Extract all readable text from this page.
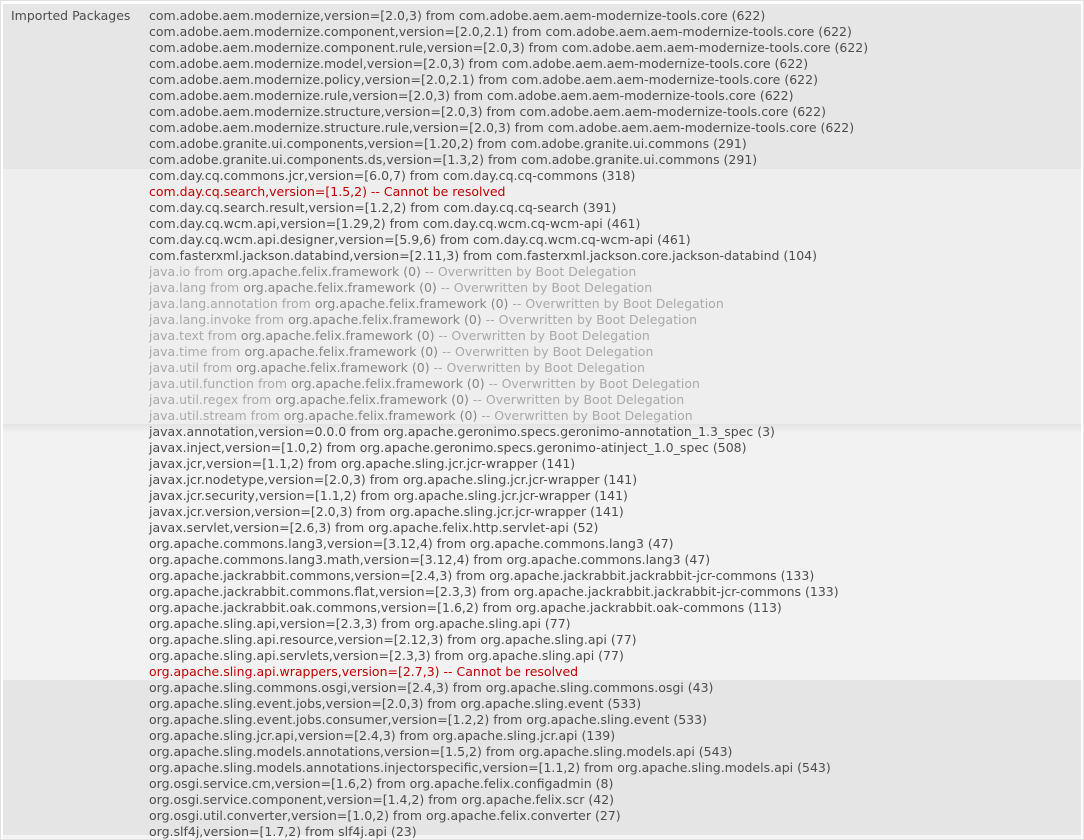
Imported Packages com.adobe.aem.modernize,version=[2.0,3) from com.adobe.aem.aem-modernize-tools.core (622)
com.adobe.aem.modernize.component,version=[2.0,2.1) from com.adobe.aem.aem-modernize-tools.core (622)
com.adobe.aem.modernize.component.rule,version=[2.0,3) from com.adobe.aem.aem-modernize-tools.core (622)
com.adobe.aem.modernize.model,version=[2.0,3) from com.adobe.aem.aem-modernize-tools.core (622)
com.adobe.aem.modernize.policy,version=[2.0,2.1) from com.adobe.aem.aem-modernize-tools.core (622)
com.adobe.aem.modernize.rule,version=[2.0,3) from com.adobe.aem.aem-modernize-tools.core (622)
com.adobe.aem.modernize.structure,version=[2.0,3) from com.adobe.aem.aem-modernize-tools.core (622)
com.adobe.aem.modernize.structure.rule,version=[2.0,3) from com.adobe.aem.aem-modernize-tools.core (622)
com.adobe.granite.ui.components,version=[1.20,2) from com.adobe.granite.ui.commons (291)
com.adobe.granite.ui.components.ds,version=[1.3,2) from com.adobe.granite.ui.commons (291)
com.day.cq.commons.jcr,version=[6.0,7) from com.day.cq.cq-commons (318)
com.day.cq.search,version=[1.5,2) -- Cannot be resolved
com.day.cq.search.result,version=[1.2,2) from com.day.cq.cq-search (391)
com.day.cq.wcm.api,version=[1.29,2) from com.day.cq.wcm.cq-wcm-api (461)
com.day.cq.wcm.api.designer,version=[5.9,6) from com.day.cq.wcm.cq-wcm-api (461)
com.fasterxml.jackson.databind,version=[2.11,3) from com.fasterxml.jackson.core.jackson-databind (104)
java.io from org.apache.felix.framework (0) -- Overwritten by Boot Delegation
java.lang from org.apache.felix.framework (0) -- Overwritten by Boot Delegation
java.lang.annotation from org.apache.felix.framework (0) -- Overwritten by Boot Delegation
java.lang.invoke from org.apache.felix.framework (0) -- Overwritten by Boot Delegation
java.text from org.apache.felix.framework (0) -- Overwritten by Boot Delegation
java.time from org.apache.felix.framework (0) -- Overwritten by Boot Delegation
java.util from org.apache.felix.framework (0) -- Overwritten by Boot Delegation
java.util.function from org.apache.felix.framework (0) -- Overwritten by Boot Delegation
java.util.regex from org.apache.felix.framework (0) -- Overwritten by Boot Delegation
java.util.stream from org.apache.felix.framework (0) -- Overwritten by Boot Delegation
javax.annotation,version=0.0.0 from org.apache.geronimo.specs.geronimo-annotation_1.3_spec (3)
javax.inject,version=[1.0,2) from org.apache.geronimo.specs.geronimo-atinject_1.0_spec (508)
javax.jcr,version=[1.1,2) from org.apache.sling.jcr.jcr-wrapper (141)
javax.jcr.nodetype,version=[2.0,3) from org.apache.sling.jcr.jcr-wrapper (141)
javax.jcr.security,version=[1.1,2) from org.apache.sling.jcr.jcr-wrapper (141)
javax.jcr.version,version=[2.0,3) from org.apache.sling.jcr.jcr-wrapper (141)
javax.servlet,version=[2.6,3) from org.apache.felix.http.servlet-api (52)
org.apache.commons.lang3,version=[3.12,4) from org.apache.commons.lang3 (47)
org.apache.commons.lang3.math,version=[3.12,4) from org.apache.commons.lang3 (47)
org.apache.jackrabbit.commons,version=[2.4,3) from org.apache.jackrabbit.jackrabbit-jcr-commons (133)
org.apache.jackrabbit.commons.flat,version=[2.3,3) from org.apache.jackrabbit.jackrabbit-jcr-commons (133)
org.apache.jackrabbit.oak.commons,version=[1.6,2) from org.apache.jackrabbit.oak-commons (113)
org.apache.sling.api,version=[2.3,3) from org.apache.sling.api (77)
org.apache.sling.api.resource,version=[2.12,3) from org.apache.sling.api (77)
org.apache.sling.api.servlets,version=[2.3,3) from org.apache.sling.api (77)
org.apache.sling.api.wrappers,version=[2.7,3) -- Cannot be resolved
org.apache.sling.commons.osgi,version=[2.4,3) from org.apache.sling.commons.osgi (43)
org.apache.sling.event.jobs,version=[2.0,3) from org.apache.sling.event (533)
org.apache.sling.event.jobs.consumer,version=[1.2,2) from org.apache.sling.event (533)
org.apache.sling.jcr.api,version=[2.4,3) from org.apache.sling.jcr.api (139)
org.apache.sling.models.annotations,version=[1.5,2) from org.apache.sling.models.api (543)
org.apache.sling.models.annotations.injectorspecific,version=[1.1,2) from org.apache.sling.models.api (543)
org.osgi.service.cm,version=[1.6,2) from org.apache.felix.configadmin (8)
org.osgi.service.component,version=[1.4,2) from org.apache.felix.scr (42)
org.osgi.util.converter,version=[1.0,2) from org.apache.felix.converter (27)
org.slf4j,version=[1.7,2) from slf4j.api (23)
